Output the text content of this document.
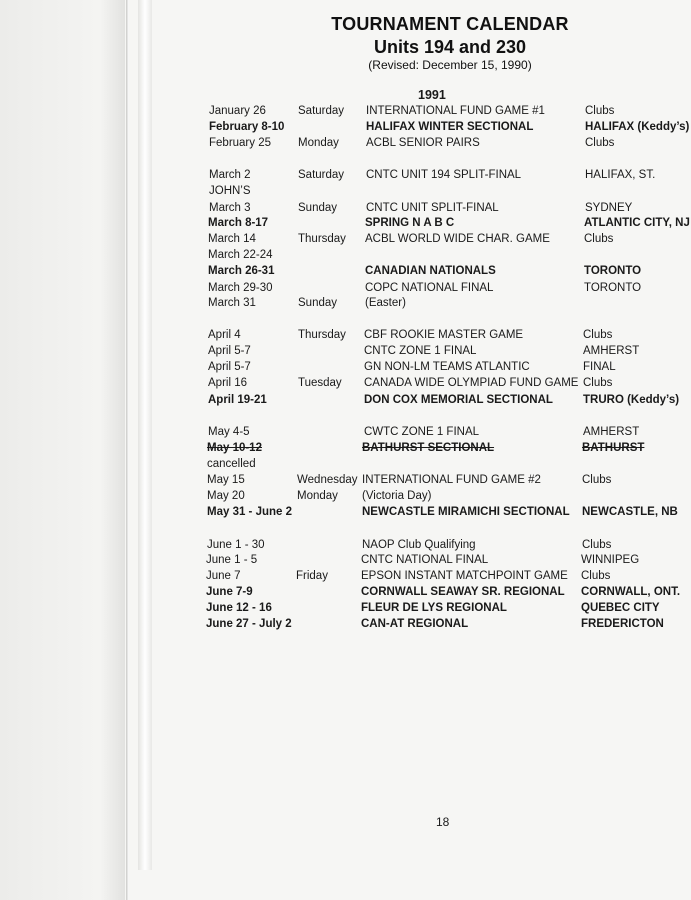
TOURNAMENT CALENDAR
Units 194 and 230
(Revised: December 15, 1990)
1991
January 26	Saturday INTERNATIONAL FUND GAME #1	Clubs
February 8-10	HALIFAX WINTER SECTIONAL	HALIFAX (Keddy’s)
February 25 Monday ACBL SENIOR PAIRS	Clubs
March 2	Saturday CNTC UNIT 194 SPLIT-FINAL	HALIFAX, ST.
JOHN’S
March 3	Sunday	CNTC UNIT SPLIT-FINAL	SYDNEY
March 8-17	SPRING N A B C	ATLANTIC CITY, NJ
March 14	Thursday ACBL WORLD WIDE CHAR. GAME	Clubs
March 22-24
March 26-31	CANADIAN NATIONALS	TORONTO
March 29-30	COPC NATIONAL FINAL	TORONTO
March 31	Sunday (Easter)
April 4	Thursday CBF ROOKIE MASTER GAME	Clubs
April 5-7	CNTC ZONE 1 FINAL	AMHERST
April 5-7	GN NON-LM TEAMS ATLANTIC	FINAL
April 16	Tuesday CANADA WIDE OLYMPIAD FUND GAME Clubs
April 19-21	DON COX MEMORIAL SECTIONAL	TRURO (Keddy’s)
May 4-5	CWTC ZONE 1 FINAL	AMHERST
May 10-12	BATHURST SECTIONAL	BATHURST
cancelled
May 15	Wednesday INTERNATIONAL FUND GAME #2	Clubs
May 20	Monday (Victoria Day)
May 31 - June 2	NEWCASTLE MIRAMICHI SECTIONAL NEWCASTLE, NB
June 1 - 30	NAOP Club Qualifying	Clubs
June 1 - 5	CNTC NATIONAL FINAL	WINNIPEG
June 7	Friday	EPSON INSTANT MATCHPOINT GAME Clubs
June 7-9	CORNWALL SEAWAY SR. REGIONAL CORNWALL, ONT.
June 12 - 16	FLEUR DE LYS REGIONAL	QUEBEC CITY
June 27 - July 2	CAN-AT REGIONAL	FREDERICTON
18
